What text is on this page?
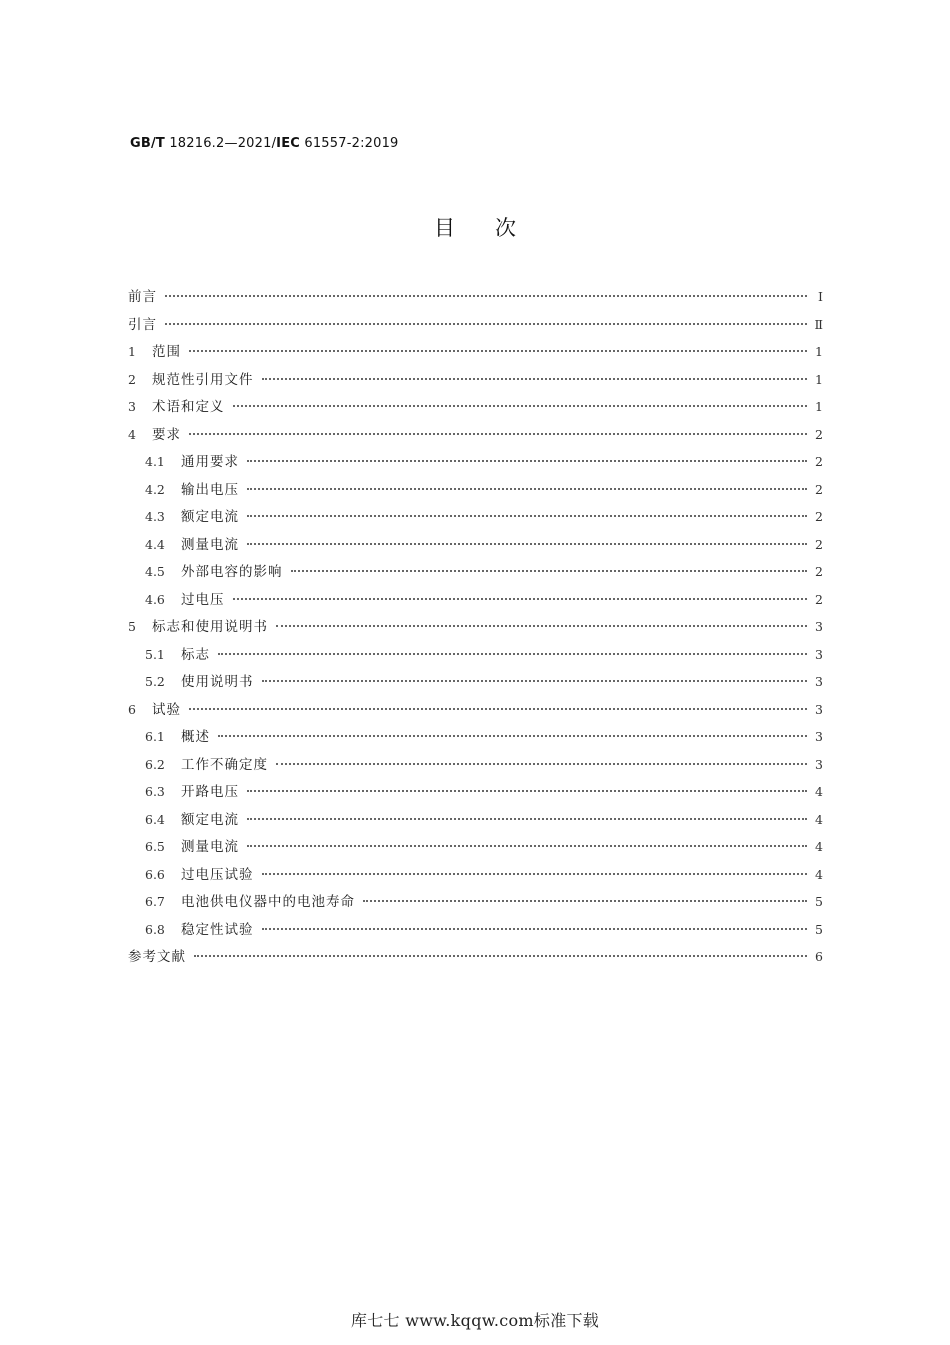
GB/T 18216.2—2021/IEC 61557-2:2019
目次
前言	Ⅰ
引言	Ⅱ
1	范围	1
2	规范性引用文件	1
3	术语和定义	1
4	要求	2
4.1	通用要求	2
4.2	输出电压	2
4.3	额定电流	2
4.4	测量电流	2
4.5	外部电容的影响	2
4.6	过电压	2
5	标志和使用说明书	3
5.1	标志	3
5.2	使用说明书	3
6	试验	3
6.1	概述	3
6.2	工作不确定度	3
6.3	开路电压	4
6.4	额定电流	4
6.5	测量电流	4
6.6	过电压试验	4
6.7	电池供电仪器中的电池寿命	5
6.8	稳定性试验	5
参考文献	6
库七七 www.kqqw.com标准下载
